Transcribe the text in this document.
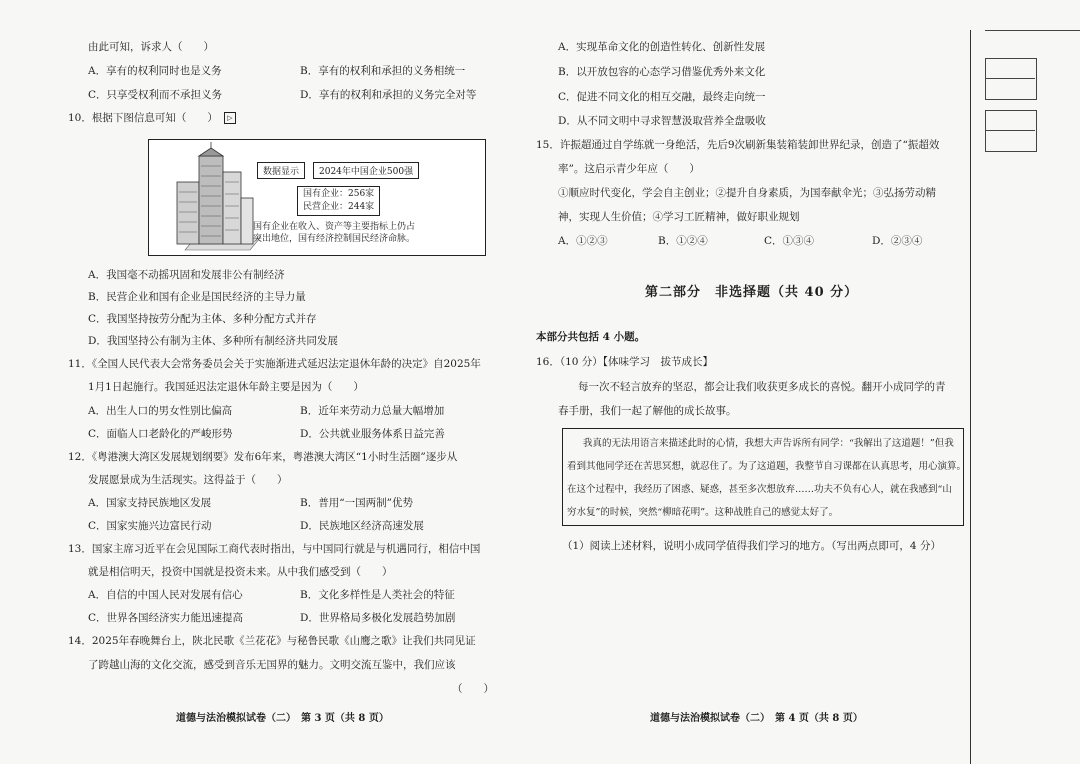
由此可知，诉求人（　　）
A．享有的权利同时也是义务	B．享有的权利和承担的义务相统一
C．只享受权利而不承担义务	D．享有的权利和承担的义务完全对等
10．根据下图信息可知（　　） ▷
数据显示	2024年中国企业500强
国有企业：256家
民营企业：244家
国有企业在收入、资产等主要指标上仍占
突出地位，国有经济控制国民经济命脉。
A．我国毫不动摇巩固和发展非公有制经济
B．民营企业和国有企业是国民经济的主导力量
C．我国坚持按劳分配为主体、多种分配方式并存
D．我国坚持公有制为主体、多种所有制经济共同发展
11．《全国人民代表大会常务委员会关于实施渐进式延迟法定退休年龄的决定》自2025年
1月1日起施行。我国延迟法定退休年龄主要是因为（　　）
A．出生人口的男女性别比偏高	B．近年来劳动力总量大幅增加
C．面临人口老龄化的严峻形势	D．公共就业服务体系日益完善
12．《粤港澳大湾区发展规划纲要》发布6年来，粤港澳大湾区“1小时生活圈”逐步从
发展愿景成为生活现实。这得益于（　　）
A．国家支持民族地区发展	B．普用“一国两制”优势
C．国家实施兴边富民行动	D．民族地区经济高速发展
13．国家主席习近平在会见国际工商代表时指出，与中国同行就是与机遇同行，相信中国
就是相信明天，投资中国就是投资未来。从中我们感受到（　　）
A．自信的中国人民对发展有信心	B．文化多样性是人类社会的特征
C．世界各国经济实力能迅速提高	D．世界格局多极化发展趋势加剧
14．2025年春晚舞台上，陕北民歌《兰花花》与秘鲁民歌《山鹰之歌》让我们共同见证
了跨越山海的文化交流，感受到音乐无国界的魅力。文明交流互鉴中，我们应该
（　　）
道德与法治模拟试卷（二）　第 3 页（共 8 页）
A．实现革命文化的创造性转化、创新性发展
B．以开放包容的心态学习借鉴优秀外来文化
C．促进不同文化的相互交融，最终走向统一
D．从不同文明中寻求智慧汲取营养全盘吸收
15．许振超通过自学练就一身绝活，先后9次刷新集装箱装卸世界纪录，创造了“振超效
率”。这启示青少年应（　　）
①顺应时代变化，学会自主创业；②提升自身素质，为国奉献伞光；③弘扬劳动精
神，实现人生价值；④学习工匠精神，做好职业规划
A．①②③	B．①②④	C．①③④	D．②③④
第二部分　非选择题（共 40 分）
本部分共包括 4 小题。
16．（10 分）【体味学习　拔节成长】
每一次不轻言放弃的坚忍，都会让我们收获更多成长的喜悦。翻开小成同学的青
春手册，我们一起了解他的成长故事。
我真的无法用语言来描述此时的心情，我想大声告诉所有同学：“我解出了这道题！”但我
看到其他同学还在苦思冥想，就忍住了。为了这道题，我整节自习课都在认真思考，用心演算。
在这个过程中，我经历了困惑、疑惑，甚至多次想放弃……功夫不负有心人，就在我感到“山
穷水复”的时候，突然“柳暗花明”。这种战胜自己的感觉太好了。
（1）阅读上述材料，说明小成同学值得我们学习的地方。（写出两点即可，4 分）
道德与法治模拟试卷（二）　第 4 页（共 8 页）
